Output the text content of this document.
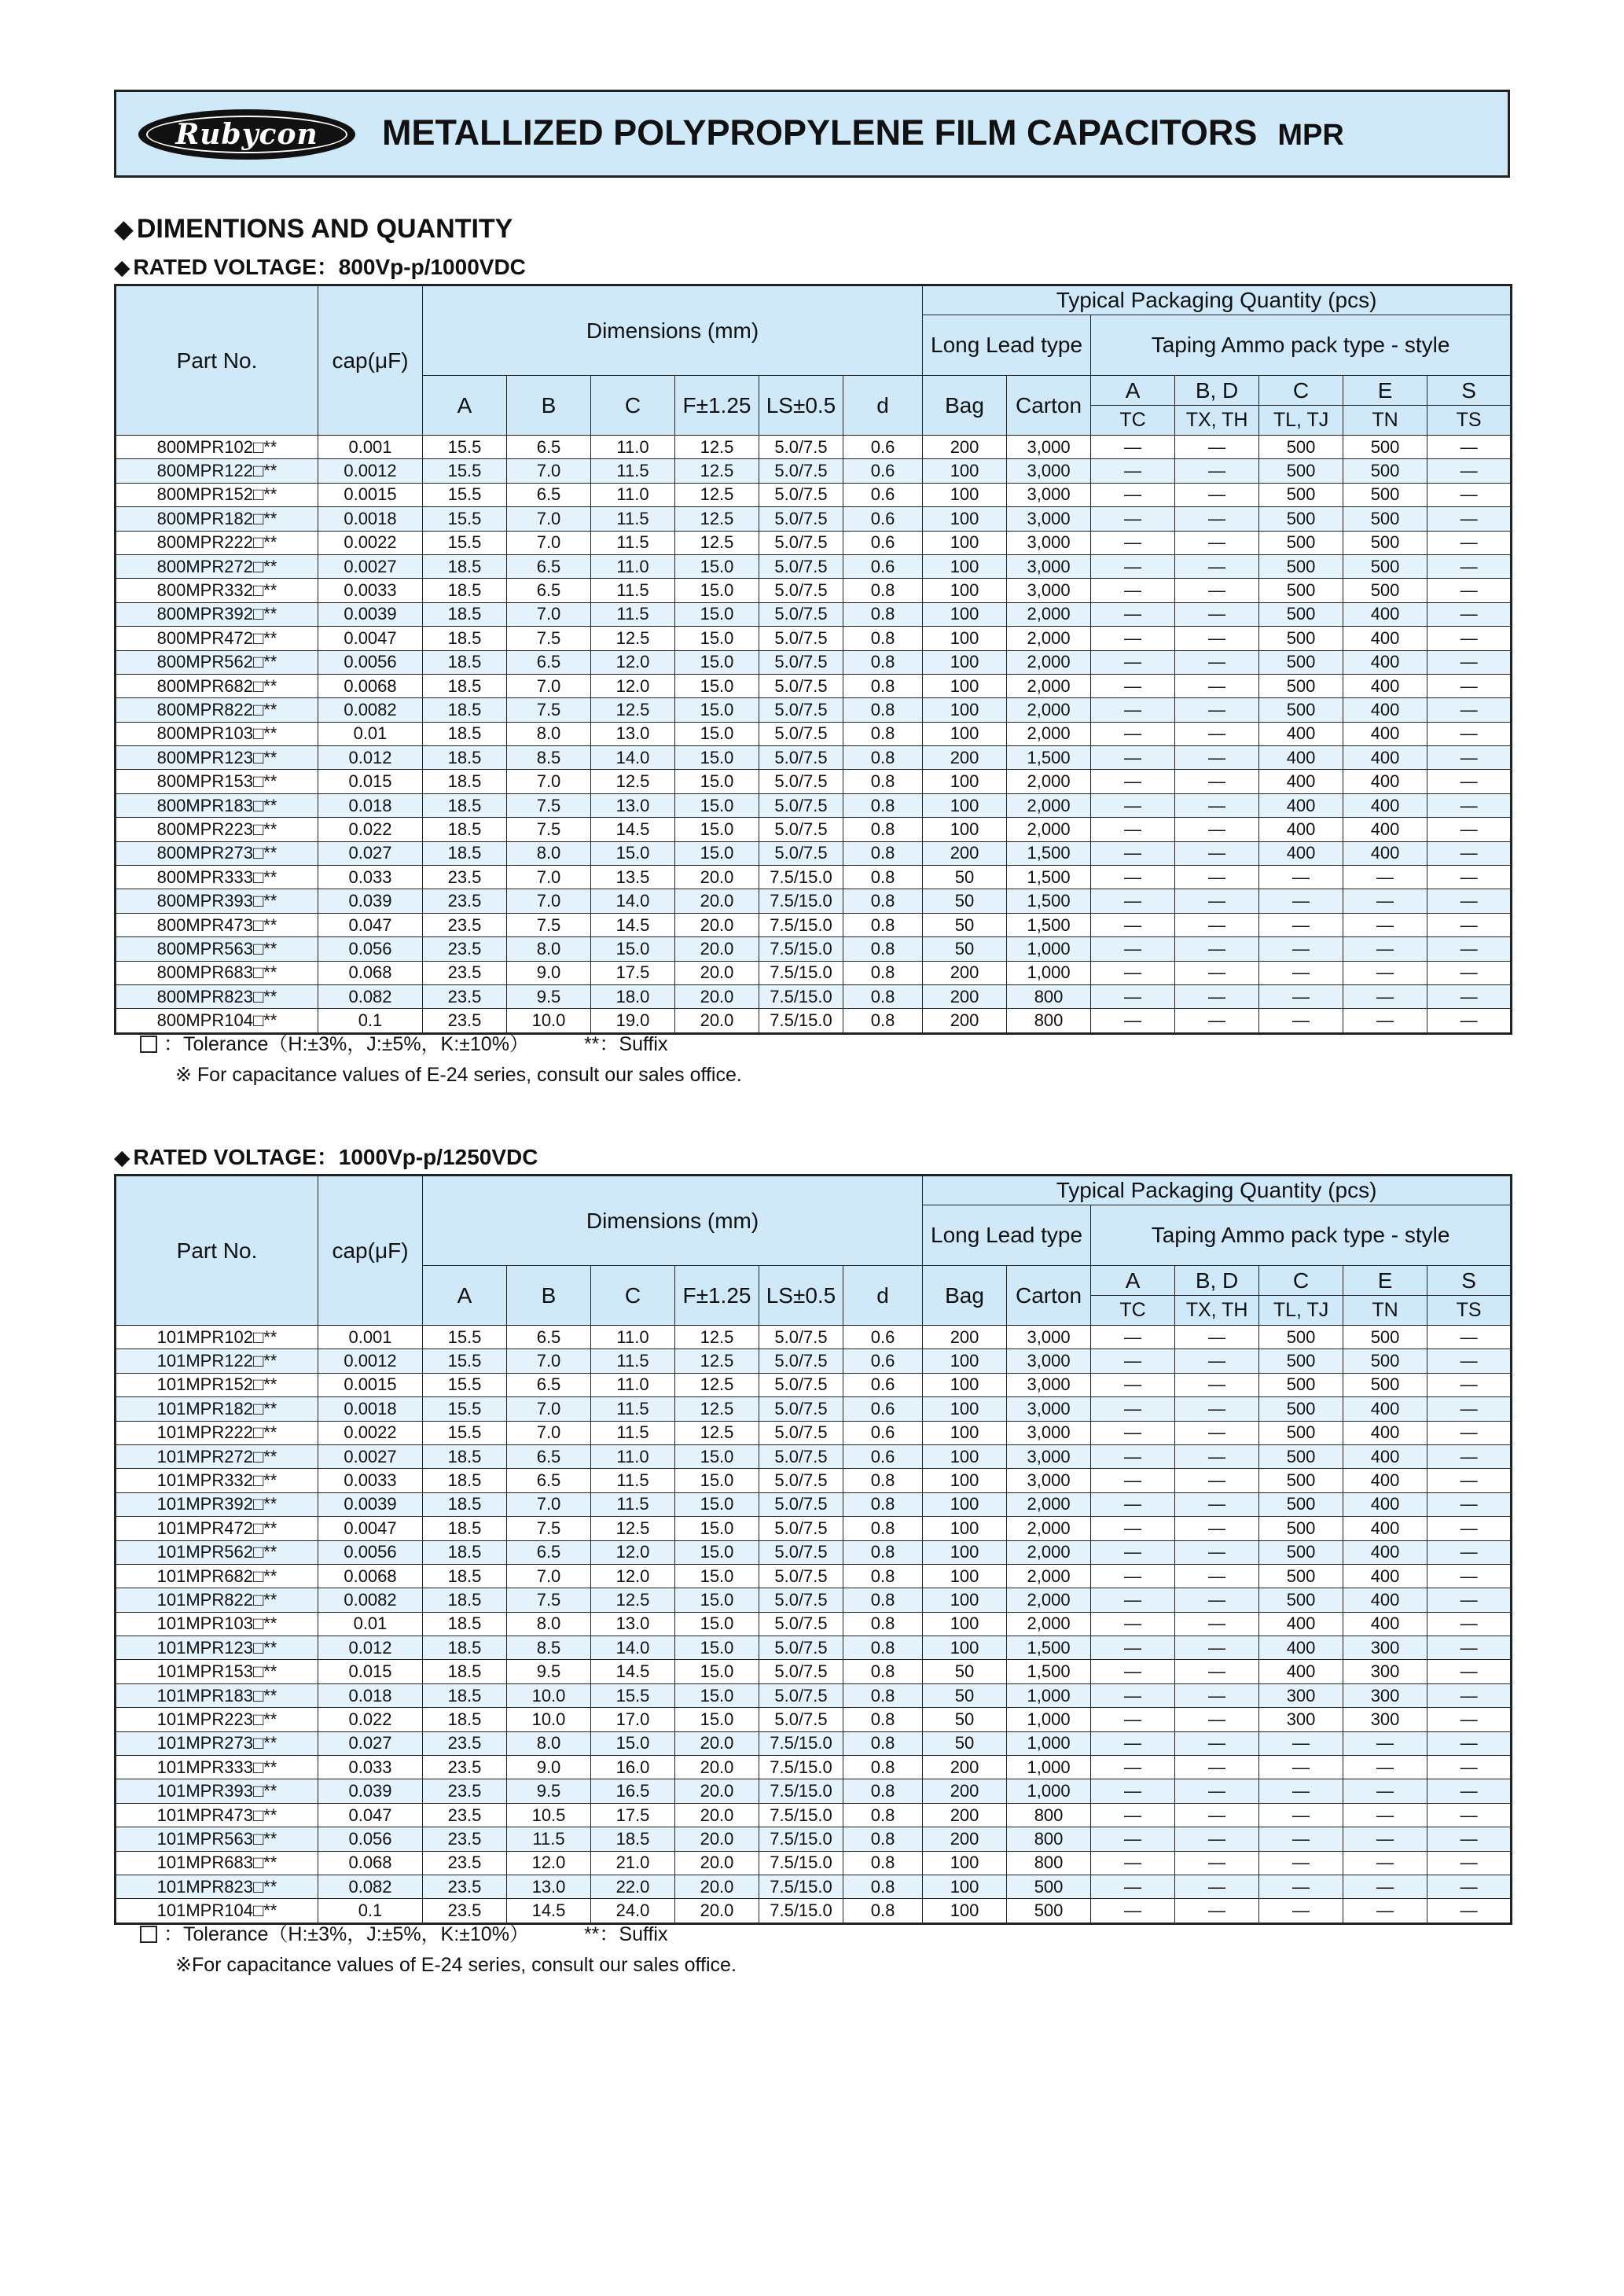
Rubycon METALLIZED POLYPROPYLENE FILM CAPACITORS MPR
◆ DIMENTIONS AND QUANTITY
◆ RATED VOLTAGE：800Vp-p/1000VDC
◆ RATED VOLTAGE：1000Vp-p/1250VDC
Part No.	cap(μF)	Dimensions (mm)						Typical Packaging Quantity (pcs)						
								Long Lead type		Taping Ammo pack type - style				
		A	B	C	F±1.25	LS±0.5	d	Bag	Carton	A	B, D	C	E	S
										TC	TX, TH	TL, TJ	TN	TS
800MPR102□**	0.001	15.5	6.5	11.0	12.5	5.0/7.5	0.6	200	3,000	—	—	500	500	—
800MPR122□**	0.0012	15.5	7.0	11.5	12.5	5.0/7.5	0.6	100	3,000	—	—	500	500	—
800MPR152□**	0.0015	15.5	6.5	11.0	12.5	5.0/7.5	0.6	100	3,000	—	—	500	500	—
800MPR182□**	0.0018	15.5	7.0	11.5	12.5	5.0/7.5	0.6	100	3,000	—	—	500	500	—
800MPR222□**	0.0022	15.5	7.0	11.5	12.5	5.0/7.5	0.6	100	3,000	—	—	500	500	—
800MPR272□**	0.0027	18.5	6.5	11.0	15.0	5.0/7.5	0.6	100	3,000	—	—	500	500	—
800MPR332□**	0.0033	18.5	6.5	11.5	15.0	5.0/7.5	0.8	100	3,000	—	—	500	500	—
800MPR392□**	0.0039	18.5	7.0	11.5	15.0	5.0/7.5	0.8	100	2,000	—	—	500	400	—
800MPR472□**	0.0047	18.5	7.5	12.5	15.0	5.0/7.5	0.8	100	2,000	—	—	500	400	—
800MPR562□**	0.0056	18.5	6.5	12.0	15.0	5.0/7.5	0.8	100	2,000	—	—	500	400	—
800MPR682□**	0.0068	18.5	7.0	12.0	15.0	5.0/7.5	0.8	100	2,000	—	—	500	400	—
800MPR822□**	0.0082	18.5	7.5	12.5	15.0	5.0/7.5	0.8	100	2,000	—	—	500	400	—
800MPR103□**	0.01	18.5	8.0	13.0	15.0	5.0/7.5	0.8	100	2,000	—	—	400	400	—
800MPR123□**	0.012	18.5	8.5	14.0	15.0	5.0/7.5	0.8	200	1,500	—	—	400	400	—
800MPR153□**	0.015	18.5	7.0	12.5	15.0	5.0/7.5	0.8	100	2,000	—	—	400	400	—
800MPR183□**	0.018	18.5	7.5	13.0	15.0	5.0/7.5	0.8	100	2,000	—	—	400	400	—
800MPR223□**	0.022	18.5	7.5	14.5	15.0	5.0/7.5	0.8	100	2,000	—	—	400	400	—
800MPR273□**	0.027	18.5	8.0	15.0	15.0	5.0/7.5	0.8	200	1,500	—	—	400	400	—
800MPR333□**	0.033	23.5	7.0	13.5	20.0	7.5/15.0	0.8	50	1,500	—	—	—	—	—
800MPR393□**	0.039	23.5	7.0	14.0	20.0	7.5/15.0	0.8	50	1,500	—	—	—	—	—
800MPR473□**	0.047	23.5	7.5	14.5	20.0	7.5/15.0	0.8	50	1,500	—	—	—	—	—
800MPR563□**	0.056	23.5	8.0	15.0	20.0	7.5/15.0	0.8	50	1,000	—	—	—	—	—
800MPR683□**	0.068	23.5	9.0	17.5	20.0	7.5/15.0	0.8	200	1,000	—	—	—	—	—
800MPR823□**	0.082	23.5	9.5	18.0	20.0	7.5/15.0	0.8	200	800	—	—	—	—	—
800MPR104□**	0.1	23.5	10.0	19.0	20.0	7.5/15.0	0.8	200	800	—	—	—	—	—
Part No.	cap(μF)	Dimensions (mm)						Typical Packaging Quantity (pcs)						
								Long Lead type		Taping Ammo pack type - style				
		A	B	C	F±1.25	LS±0.5	d	Bag	Carton	A	B, D	C	E	S
										TC	TX, TH	TL, TJ	TN	TS
101MPR102□**	0.001	15.5	6.5	11.0	12.5	5.0/7.5	0.6	200	3,000	—	—	500	500	—
101MPR122□**	0.0012	15.5	7.0	11.5	12.5	5.0/7.5	0.6	100	3,000	—	—	500	500	—
101MPR152□**	0.0015	15.5	6.5	11.0	12.5	5.0/7.5	0.6	100	3,000	—	—	500	500	—
101MPR182□**	0.0018	15.5	7.0	11.5	12.5	5.0/7.5	0.6	100	3,000	—	—	500	400	—
101MPR222□**	0.0022	15.5	7.0	11.5	12.5	5.0/7.5	0.6	100	3,000	—	—	500	400	—
101MPR272□**	0.0027	18.5	6.5	11.0	15.0	5.0/7.5	0.6	100	3,000	—	—	500	400	—
101MPR332□**	0.0033	18.5	6.5	11.5	15.0	5.0/7.5	0.8	100	3,000	—	—	500	400	—
101MPR392□**	0.0039	18.5	7.0	11.5	15.0	5.0/7.5	0.8	100	2,000	—	—	500	400	—
101MPR472□**	0.0047	18.5	7.5	12.5	15.0	5.0/7.5	0.8	100	2,000	—	—	500	400	—
101MPR562□**	0.0056	18.5	6.5	12.0	15.0	5.0/7.5	0.8	100	2,000	—	—	500	400	—
101MPR682□**	0.0068	18.5	7.0	12.0	15.0	5.0/7.5	0.8	100	2,000	—	—	500	400	—
101MPR822□**	0.0082	18.5	7.5	12.5	15.0	5.0/7.5	0.8	100	2,000	—	—	500	400	—
101MPR103□**	0.01	18.5	8.0	13.0	15.0	5.0/7.5	0.8	100	2,000	—	—	400	400	—
101MPR123□**	0.012	18.5	8.5	14.0	15.0	5.0/7.5	0.8	100	1,500	—	—	400	300	—
101MPR153□**	0.015	18.5	9.5	14.5	15.0	5.0/7.5	0.8	50	1,500	—	—	400	300	—
101MPR183□**	0.018	18.5	10.0	15.5	15.0	5.0/7.5	0.8	50	1,000	—	—	300	300	—
101MPR223□**	0.022	18.5	10.0	17.0	15.0	5.0/7.5	0.8	50	1,000	—	—	300	300	—
101MPR273□**	0.027	23.5	8.0	15.0	20.0	7.5/15.0	0.8	50	1,000	—	—	—	—	—
101MPR333□**	0.033	23.5	9.0	16.0	20.0	7.5/15.0	0.8	200	1,000	—	—	—	—	—
101MPR393□**	0.039	23.5	9.5	16.5	20.0	7.5/15.0	0.8	200	1,000	—	—	—	—	—
101MPR473□**	0.047	23.5	10.5	17.5	20.0	7.5/15.0	0.8	200	800	—	—	—	—	—
101MPR563□**	0.056	23.5	11.5	18.5	20.0	7.5/15.0	0.8	200	800	—	—	—	—	—
101MPR683□**	0.068	23.5	12.0	21.0	20.0	7.5/15.0	0.8	100	800	—	—	—	—	—
101MPR823□**	0.082	23.5	13.0	22.0	20.0	7.5/15.0	0.8	100	500	—	—	—	—	—
101MPR104□**	0.1	23.5	14.5	24.0	20.0	7.5/15.0	0.8	100	500	—	—	—	—	—
：Tolerance（H:±3%，J:±5%，K:±10%）	**：Suffix
※ For capacitance values of E-24 series, consult our sales office.
：Tolerance（H:±3%，J:±5%，K:±10%）	**：Suffix
※For capacitance values of E-24 series, consult our sales office.
